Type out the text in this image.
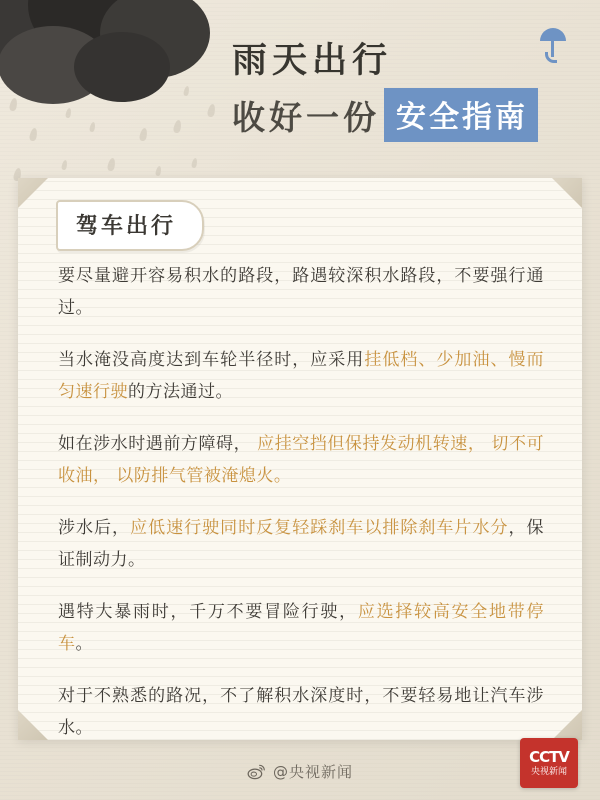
雨天出行
收好一份 安全指南
驾车出行
要尽量避开容易积水的路段，路遇较深积水路段，不要强行通过。
当水淹没高度达到车轮半径时，应采用挂低档、少加油、慢而匀速行驶的方法通过。
如在涉水时遇前方障碍， 应挂空挡但保持发动机转速， 切不可收油， 以防排气管被淹熄火。
涉水后，应低速行驶同时反复轻踩刹车以排除刹车片水分，保证制动力。
遇特大暴雨时，千万不要冒险行驶，应选择较高安全地带停车。
对于不熟悉的路况，不了解积水深度时，不要轻易地让汽车涉水。
@央视新闻
CCTV
央视新闻
